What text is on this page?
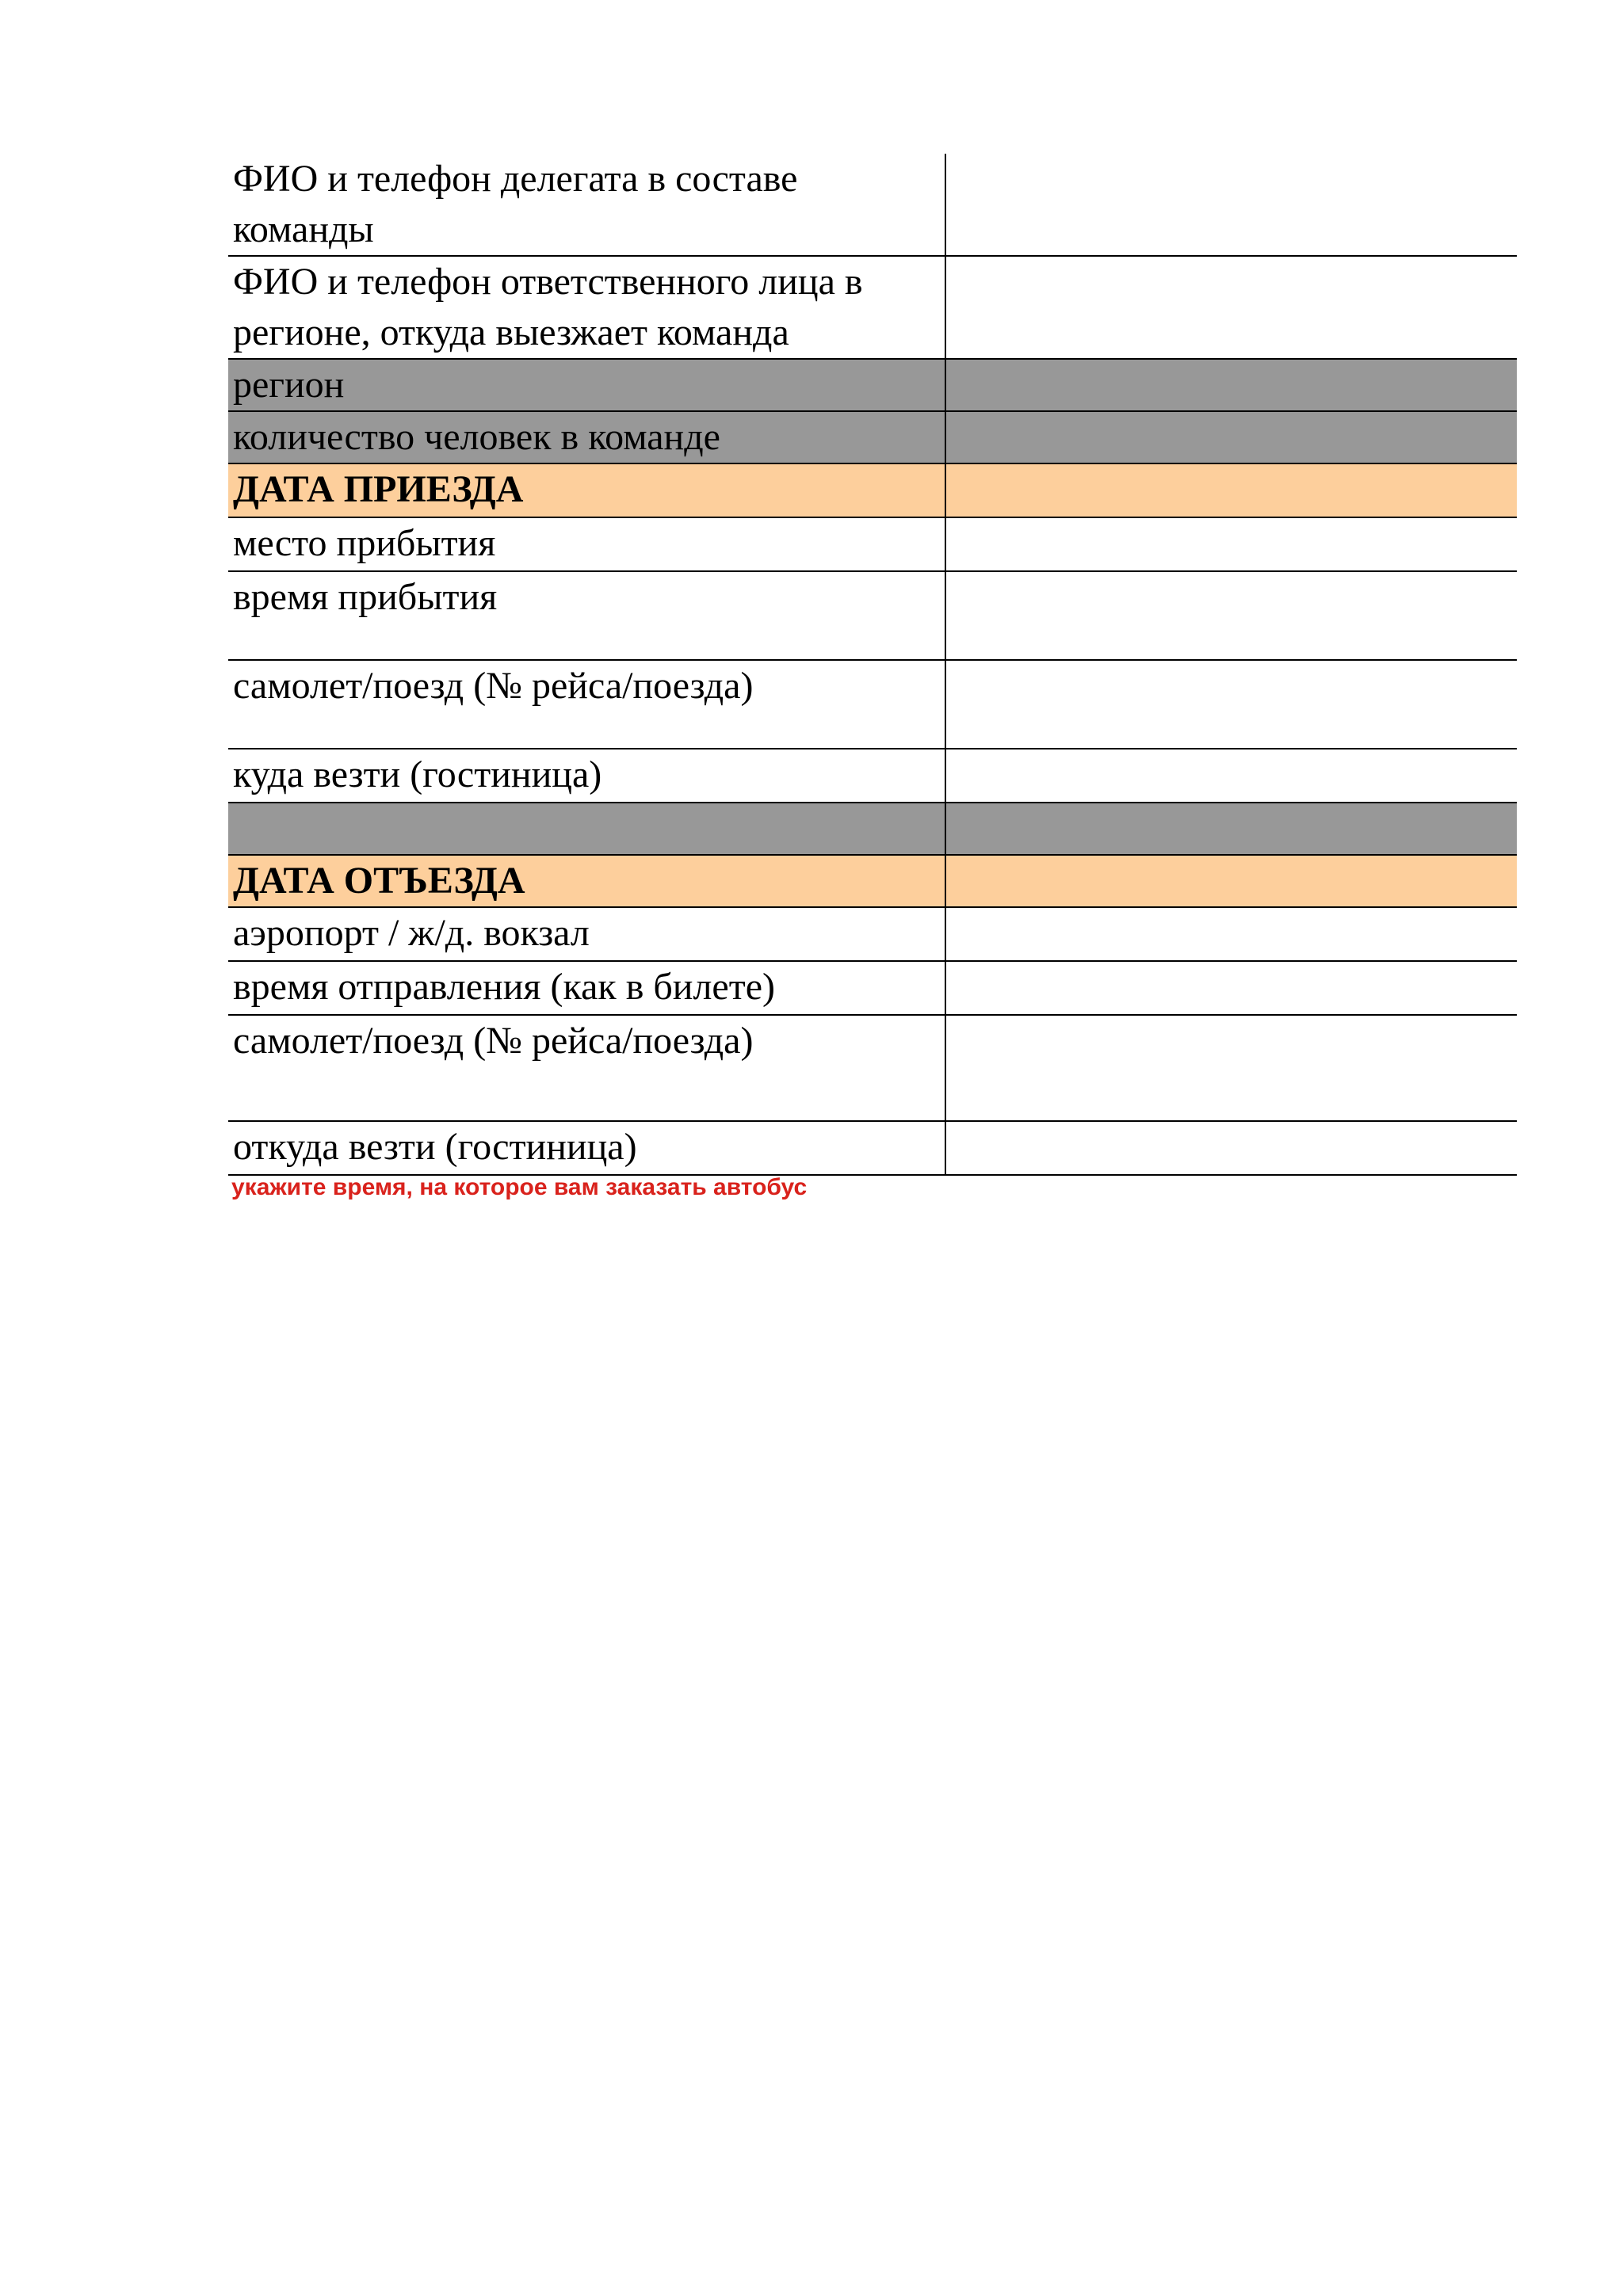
ФИО и телефон делегата в составе команды	
ФИО и телефон ответственного лица в регионе, откуда выезжает команда	
регион	
количество человек в команде	
ДАТА ПРИЕЗДА	
место прибытия	
время прибытия	
самолет/поезд (№ рейса/поезда)	
куда везти (гостиница)	

ДАТА ОТЪЕЗДА	
аэропорт / ж/д. вокзал	
время отправления (как в билете)	
самолет/поезд (№ рейса/поезда)	
откуда везти (гостиница)	
укажите время, на которое вам заказать автобус
